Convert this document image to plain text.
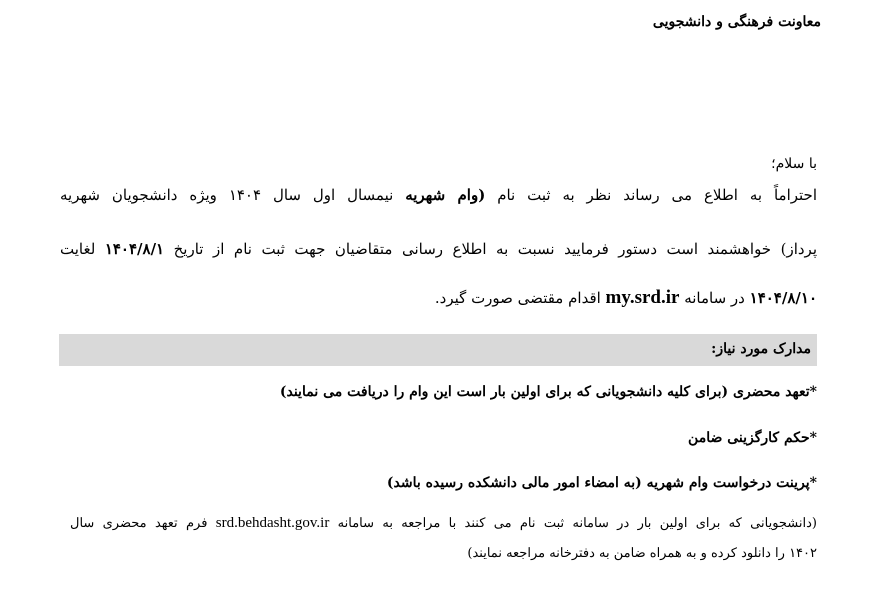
معاونت فرهنگی و دانشجویی
با سلام؛
احتراماً به اطلاع می رساند نظر به ثبت نام (وام شهریه نیمسال اول سال ۱۴۰۴ ویژه دانشجویان شهریه
پرداز) خواهشمند است دستور فرمایید نسبت به اطلاع رسانی متقاضیان جهت ثبت نام از تاریخ ۱۴۰۴/۸/۱ لغایت
۱۴۰۴/۸/۱۰ در سامانه my.srd.ir اقدام مقتضی صورت گیرد.
مدارک مورد نیاز:
*تعهد محضری (برای کلیه دانشجویانی که برای اولین بار است این وام را دریافت می نمایند)
*حکم کارگزینی ضامن
*پرینت درخواست وام شهریه (به امضاء امور مالی دانشکده رسیده باشد)
(دانشجویانی که برای اولین بار در سامانه ثبت نام می کنند با مراجعه به سامانه srd.behdasht.gov.ir فرم تعهد محضری سال
۱۴۰۲ را دانلود کرده و به همراه ضامن به دفترخانه مراجعه نمایند)
